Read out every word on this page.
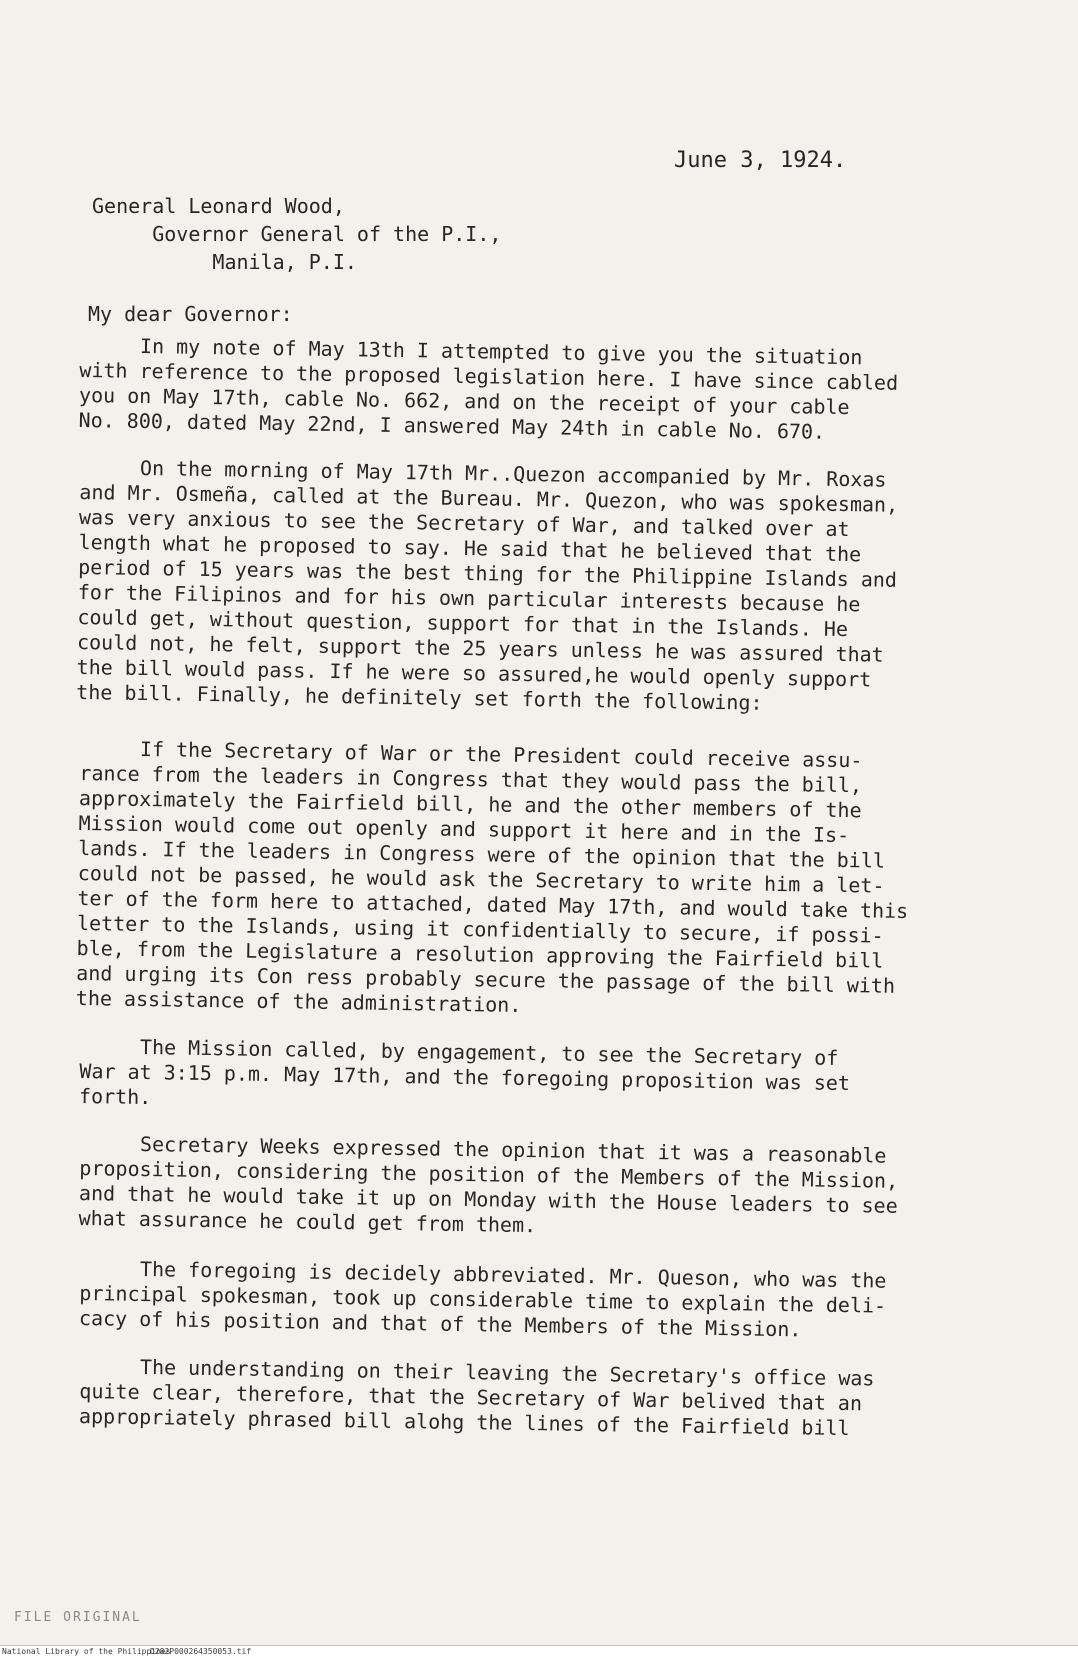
June 3, 1924.
General Leonard Wood,
Governor General of the P.I.,
Manila, P.I.
My dear Governor:
In my note of May 13th I attempted to give you the situation
with reference to the proposed legislation here. I have since cabled
you on May 17th, cable No. 662, and on the receipt of your cable
No. 800, dated May 22nd, I answered May 24th in cable No. 670.
On the morning of May 17th Mr..Quezon accompanied by Mr. Roxas
and Mr. Osmeña, called at the Bureau. Mr. Quezon, who was spokesman,
was very anxious to see the Secretary of War, and talked over at
length what he proposed to say. He said that he believed that the
period of 15 years was the best thing for the Philippine Islands and
for the Filipinos and for his own particular interests because he
could get, without question, support for that in the Islands. He
could not, he felt, support the 25 years unless he was assured that
the bill would pass. If he were so assured,he would openly support
the bill. Finally, he definitely set forth the following:
If the Secretary of War or the President could receive assu-
rance from the leaders in Congress that they would pass the bill,
approximately the Fairfield bill, he and the other members of the
Mission would come out openly and support it here and in the Is-
lands. If the leaders in Congress were of the opinion that the bill
could not be passed, he would ask the Secretary to write him a let-
ter of the form here to attached, dated May 17th, and would take this
letter to the Islands, using it confidentially to secure, if possi-
ble, from the Legislature a resolution approving the Fairfield bill
and urging its Con ress probably secure the passage of the bill with
the assistance of the administration.
The Mission called, by engagement, to see the Secretary of
War at 3:15 p.m. May 17th, and the foregoing proposition was set
forth.
Secretary Weeks expressed the opinion that it was a reasonable
proposition, considering the position of the Members of the Mission,
and that he would take it up on Monday with the House leaders to see
what assurance he could get from them.
The foregoing is decidely abbreviated. Mr. Queson, who was the
principal spokesman, took up considerable time to explain the deli-
cacy of his position and that of the Members of the Mission.
The understanding on their leaving the Secretary's office was
quite clear, therefore, that the Secretary of War belived that an
appropriately phrased bill alohg the lines of the Fairfield bill
FILE ORIGINAL
National Library of the Philippines
D282P000264350053.tif
